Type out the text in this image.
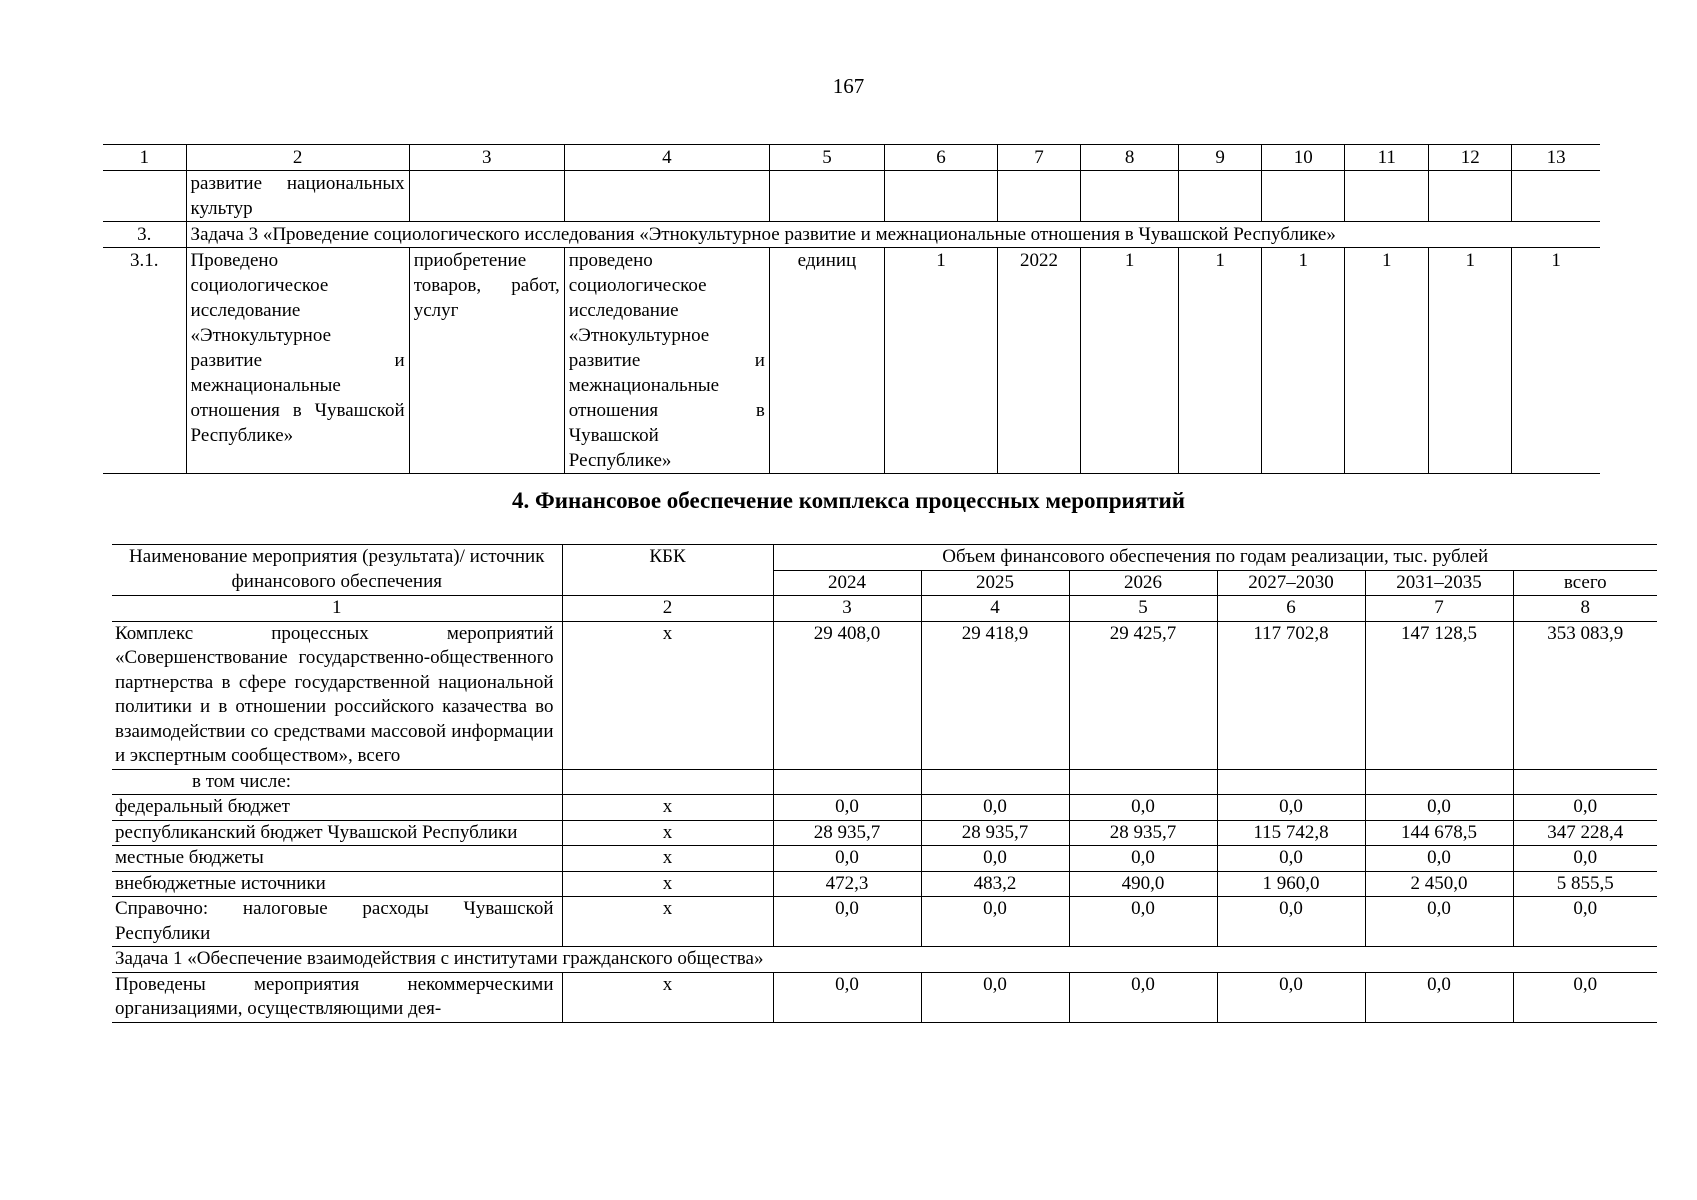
167
1	2	3	4	5	6	7	8	9	10	11	12	13
	развитие национальных культур											
3.	Задача 3 «Проведение социологического исследования «Этнокультурное развитие и межнациональные отношения в Чувашской Республике»											
3.1.	Проведено социологическое исследование «Этнокультурное развитие и межнациональные отношения в Чувашской Республике»	приобретение товаров, работ, услуг	проведено социологическое исследование «Этнокультурное развитие и межнациональные отношения в Чувашской Республике»	единиц	1	2022	1	1	1	1	1	1
4. Финансовое обеспечение комплекса процессных мероприятий
Наименование мероприятия (результата)/ источник финансового обеспечения	КБК	Объем финансового обеспечения по годам реализации, тыс. рублей					
		2024	2025	2026	2027–2030	2031–2035	всего
1	2	3	4	5	6	7	8
Комплекс процессных мероприятий «Совершенствование государственно-общественного партнерства в сфере государственной национальной политики и в отношении российского казачества во взаимодействии со средствами массовой информации и экспертным сообществом», всего	x	29 408,0	29 418,9	29 425,7	117 702,8	147 128,5	353 083,9
в том числе:							
федеральный бюджет	x	0,0	0,0	0,0	0,0	0,0	0,0
республиканский бюджет Чувашской Республики	x	28 935,7	28 935,7	28 935,7	115 742,8	144 678,5	347 228,4
местные бюджеты	x	0,0	0,0	0,0	0,0	0,0	0,0
внебюджетные источники	x	472,3	483,2	490,0	1 960,0	2 450,0	5 855,5
Справочно: налоговые расходы Чувашской Республики	x	0,0	0,0	0,0	0,0	0,0	0,0
Задача 1 «Обеспечение взаимодействия с институтами гражданского общества»							
Проведены мероприятия некоммерческими организациями, осуществляющими дея-	x	0,0	0,0	0,0	0,0	0,0	0,0
